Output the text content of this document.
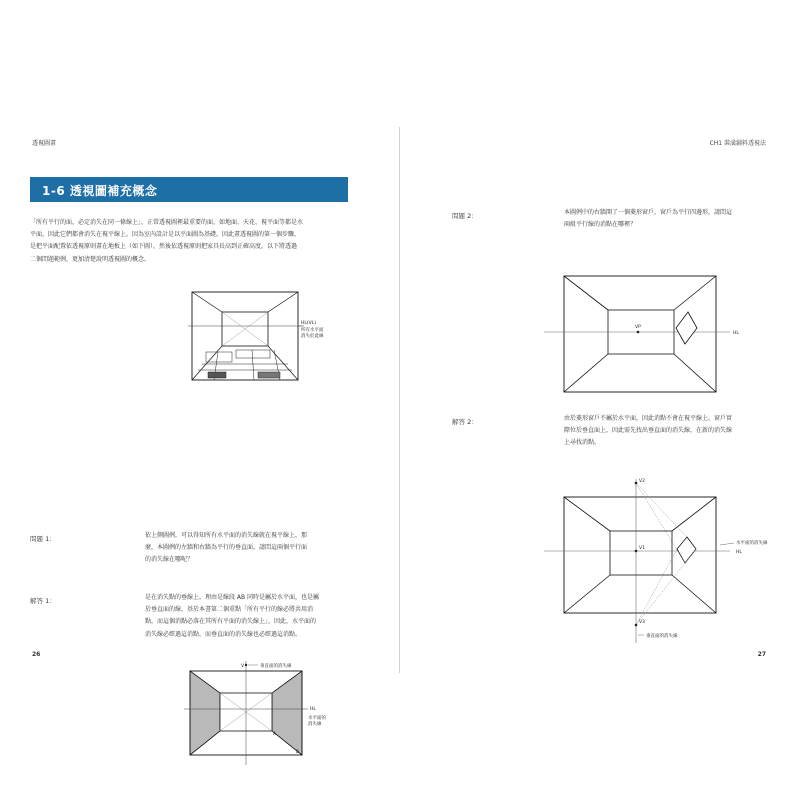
透視圖畫
1-6 透視圖補充概念
「所有平行的面，必定消失在同一條線上」，正常透視圖裡最重要的面，如地面、天花、視平面等都是水
平面，因此它們都會消失在視平線上。因為室內設計是以平面圖為基礎，因此畫透視圖的第一個步驟，
是把平面配置依透視原則畫在地板上（如下圖），然後依透視原則把家具長高到正確高度。以下將透過
二個問題範例，更加清楚說明透視圖的概念。
HL(VL)
所有水平面
消失於此線
問題 1：	依上側圖例，可以得知所有水平面的消失線就在視平線上，那
麼，本圖例的左牆和右牆為平行的垂直面，請問這兩個平行面
的消失線在哪呢？
解答 1：	是在消失點的垂線上。理由是線段 AB 同時是屬於水平面，也是屬
於垂直面的線，基於本書第二個重點「所有平行的線必將共用消
點，而這個消點必落在其所有平面的消失線上」，因此，水平面的
消失線必經過這消點，而垂直面的消失線也必經過這消點。
V	垂直面的消失線
HL
水平面的
消失線
A
B
26
CH1 裝潢鋪料透視法
問題 2：	本圖例中的右牆開了一個菱形窗戶，窗戶為平行四邊形，請問這
兩組平行線的消點在哪裡？
VP
HL
解答 2：	由於菱形窗戶不屬於水平面，因此消點不會在視平線上。窗戶實
際位於垂直面上，因此需先找出垂直面的消失線，在新的消失線
上尋找消點。
V2
V1
V3
水平面的消失線
HL
垂直面的消失線
27
